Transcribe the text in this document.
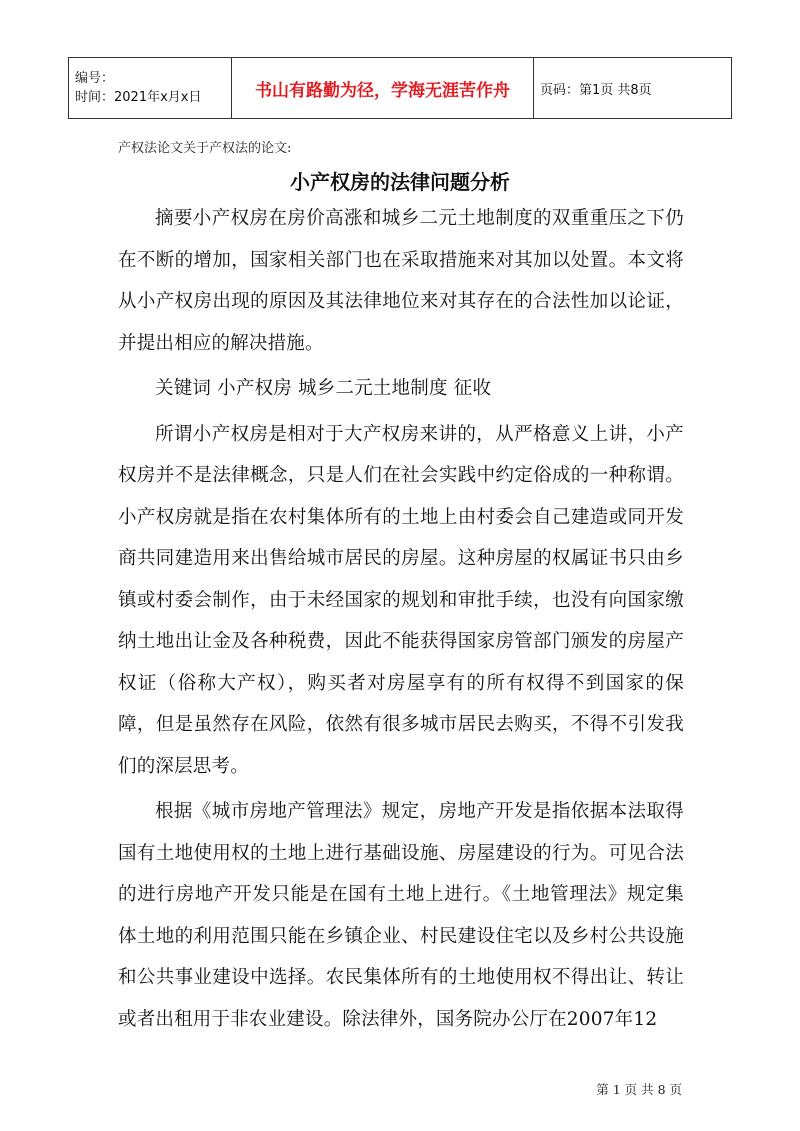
编号：
时间：2021年x月x日	书山有路勤为径，学海无涯苦作舟	页码：第1页 共8页
产权法论文关于产权法的论文:
小产权房的法律问题分析

摘要小产权房在房价高涨和城乡二元土地制度的双重重压之下仍在不断的增加，国家相关部门也在采取措施来对其加以处置。本文将从小产权房出现的原因及其法律地位来对其存在的合法性加以论证，并提出相应的解决措施。

关键词 小产权房 城乡二元土地制度 征收

所谓小产权房是相对于大产权房来讲的，从严格意义上讲，小产权房并不是法律概念，只是人们在社会实践中约定俗成的一种称谓。小产权房就是指在农村集体所有的土地上由村委会自己建造或同开发商共同建造用来出售给城市居民的房屋。这种房屋的权属证书只由乡镇或村委会制作，由于未经国家的规划和审批手续，也没有向国家缴纳土地出让金及各种税费，因此不能获得国家房管部门颁发的房屋产权证（俗称大产权），购买者对房屋享有的所有权得不到国家的保障，但是虽然存在风险，依然有很多城市居民去购买，不得不引发我们的深层思考。

根据《城市房地产管理法》规定，房地产开发是指依据本法取得国有土地使用权的土地上进行基础设施、房屋建设的行为。可见合法的进行房地产开发只能是在国有土地上进行。《土地管理法》规定集体土地的利用范围只能在乡镇企业、村民建设住宅以及乡村公共设施和公共事业建设中选择。农民集体所有的土地使用权不得出让、转让或者出租用于非农业建设。除法律外，国务院办公厅在2007年12

第 1 页 共 8 页
